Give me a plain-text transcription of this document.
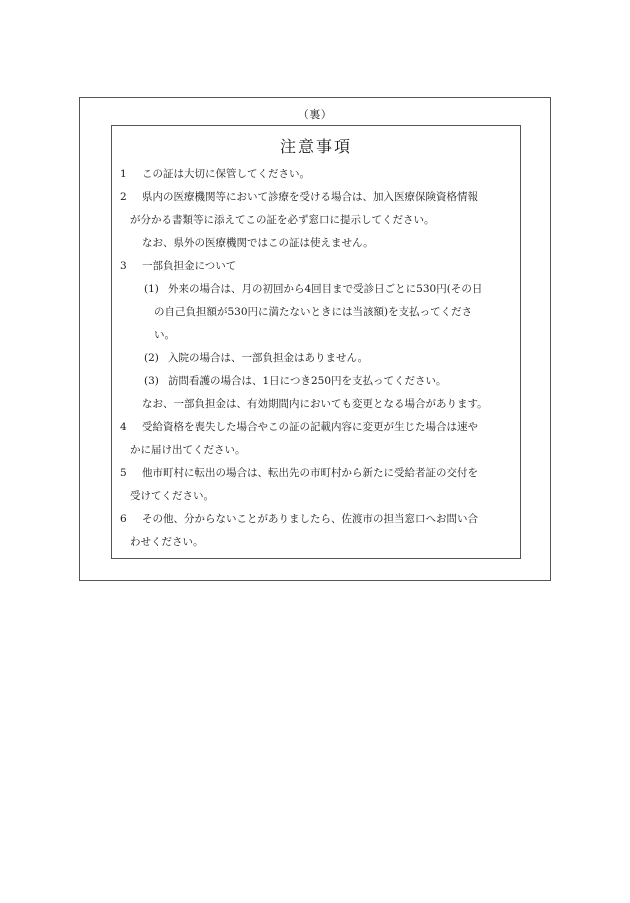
（裏）
注意事項
1 この証は大切に保管してください。
2 県内の医療機関等において診療を受ける場合は、加入医療保険資格情報
が分かる書類等に添えてこの証を必ず窓口に提示してください。
なお、県外の医療機関ではこの証は使えません。
3 一部負担金について
(1) 外来の場合は、月の初回から4回目まで受診日ごとに530円(その日
の自己負担額が530円に満たないときには当該額)を支払ってくださ
い。
(2) 入院の場合は、一部負担金はありません。
(3) 訪問看護の場合は、1日につき250円を支払ってください。
なお、一部負担金は、有効期間内においても変更となる場合があります。
4 受給資格を喪失した場合やこの証の記載内容に変更が生じた場合は速や
かに届け出てください。
5 他市町村に転出の場合は、転出先の市町村から新たに受給者証の交付を
受けてください。
6 その他、分からないことがありましたら、佐渡市の担当窓口へお問い合
わせください。
